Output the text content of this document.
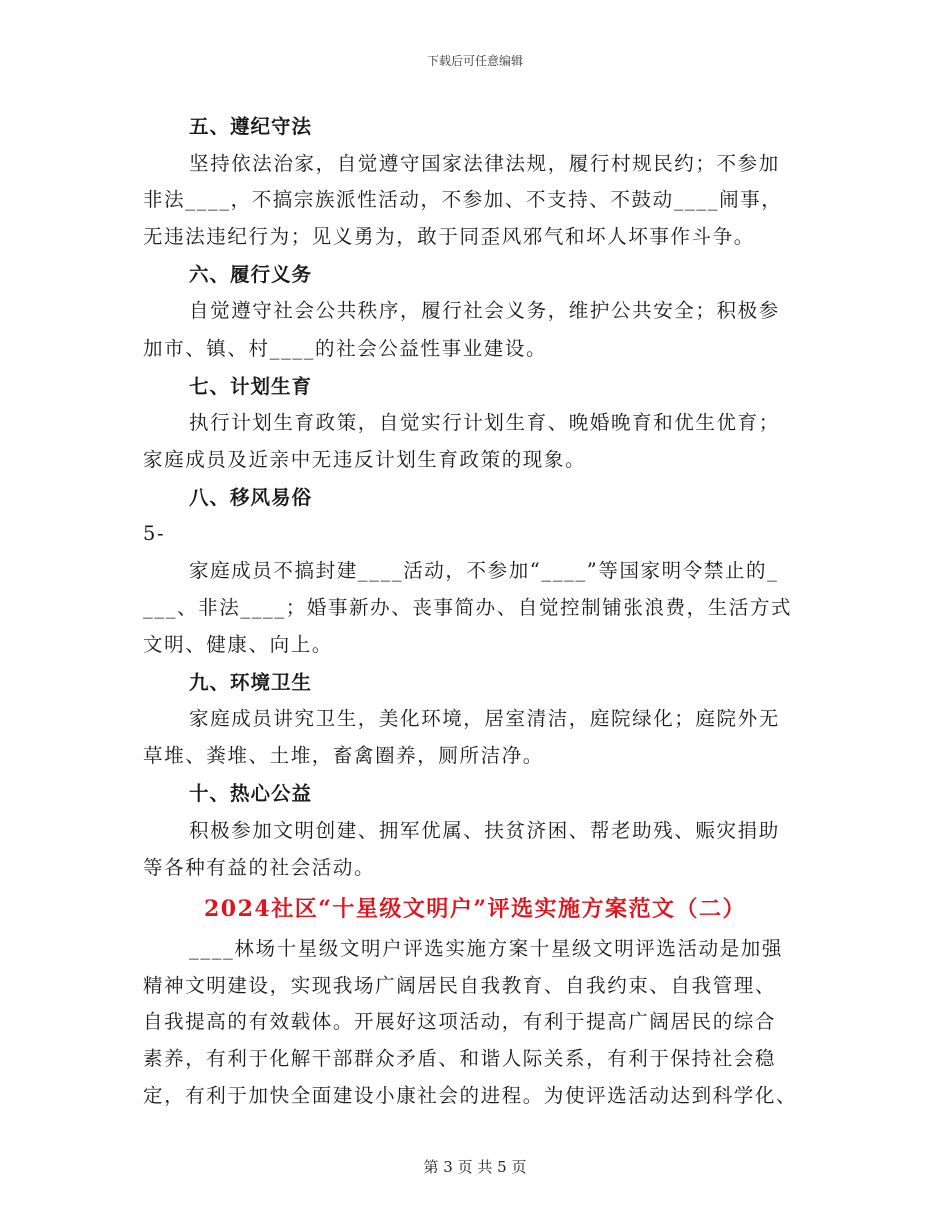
下载后可任意编辑
五、遵纪守法
坚持依法治家，自觉遵守国家法律法规，履行村规民约；不参加
非法____，不搞宗族派性活动，不参加、不支持、不鼓动____闹事，
无违法违纪行为；见义勇为，敢于同歪风邪气和坏人坏事作斗争。
六、履行义务
自觉遵守社会公共秩序，履行社会义务，维护公共安全；积极参
加市、镇、村____的社会公益性事业建设。
七、计划生育
执行计划生育政策，自觉实行计划生育、晚婚晚育和优生优育；
家庭成员及近亲中无违反计划生育政策的现象。
八、移风易俗
5-
家庭成员不搞封建____活动，不参加“____”等国家明令禁止的_
___、非法____；婚事新办、丧事简办、自觉控制铺张浪费，生活方式
文明、健康、向上。
九、环境卫生
家庭成员讲究卫生，美化环境，居室清洁，庭院绿化；庭院外无
草堆、粪堆、土堆，畜禽圈养，厕所洁净。
十、热心公益
积极参加文明创建、拥军优属、扶贫济困、帮老助残、赈灾捐助
等各种有益的社会活动。
2024社区“十星级文明户”评选实施方案范文（二）
____林场十星级文明户评选实施方案十星级文明评选活动是加强
精神文明建设，实现我场广阔居民自我教育、自我约束、自我管理、
自我提高的有效载体。开展好这项活动，有利于提高广阔居民的综合
素养，有利于化解干部群众矛盾、和谐人际关系，有利于保持社会稳
定，有利于加快全面建设小康社会的进程。为使评选活动达到科学化、
第 3 页 共 5 页
